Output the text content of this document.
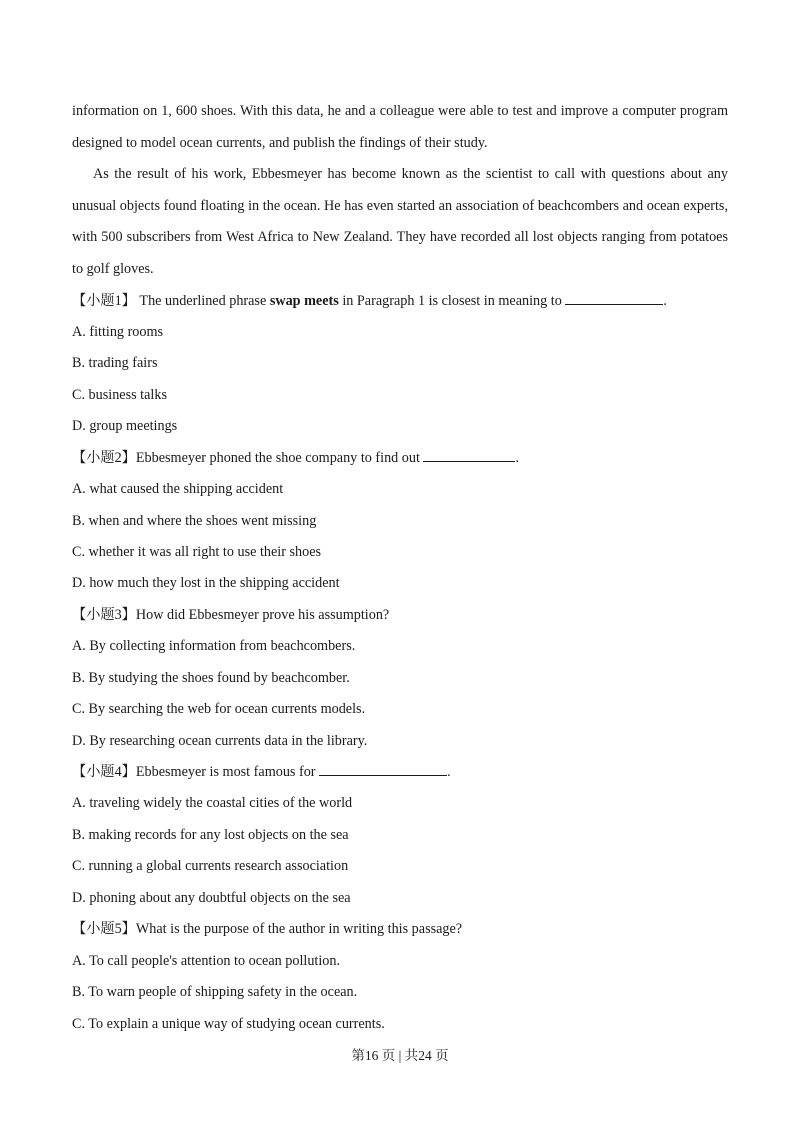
information on 1, 600 shoes. With this data, he and a colleague were able to test and improve a computer program designed to model ocean currents, and publish the findings of their study.

As the result of his work, Ebbesmeyer has become known as the scientist to call with questions about any unusual objects found floating in the ocean. He has even started an association of beachcombers and ocean experts, with 500 subscribers from West Africa to New Zealand. They have recorded all lost objects ranging from potatoes to golf gloves.

【小题1】 The underlined phrase swap meets in Paragraph 1 is closest in meaning to	.
A. fitting rooms
B. trading fairs
C. business talks
D. group meetings
【小题2】Ebbesmeyer phoned the shoe company to find out	.
A. what caused the shipping accident
B. when and where the shoes went missing
C. whether it was all right to use their shoes
D. how much they lost in the shipping accident
【小题3】How did Ebbesmeyer prove his assumption?
A. By collecting information from beachcombers.
B. By studying the shoes found by beachcomber.
C. By searching the web for ocean currents models.
D. By researching ocean currents data in the library.
【小题4】Ebbesmeyer is most famous for	.
A. traveling widely the coastal cities of the world
B. making records for any lost objects on the sea
C. running a global currents research association
D. phoning about any doubtful objects on the sea
【小题5】What is the purpose of the author in writing this passage?
A. To call people's attention to ocean pollution.
B. To warn people of shipping safety in the ocean.
C. To explain a unique way of studying ocean currents.
第16 页 | 共24 页
